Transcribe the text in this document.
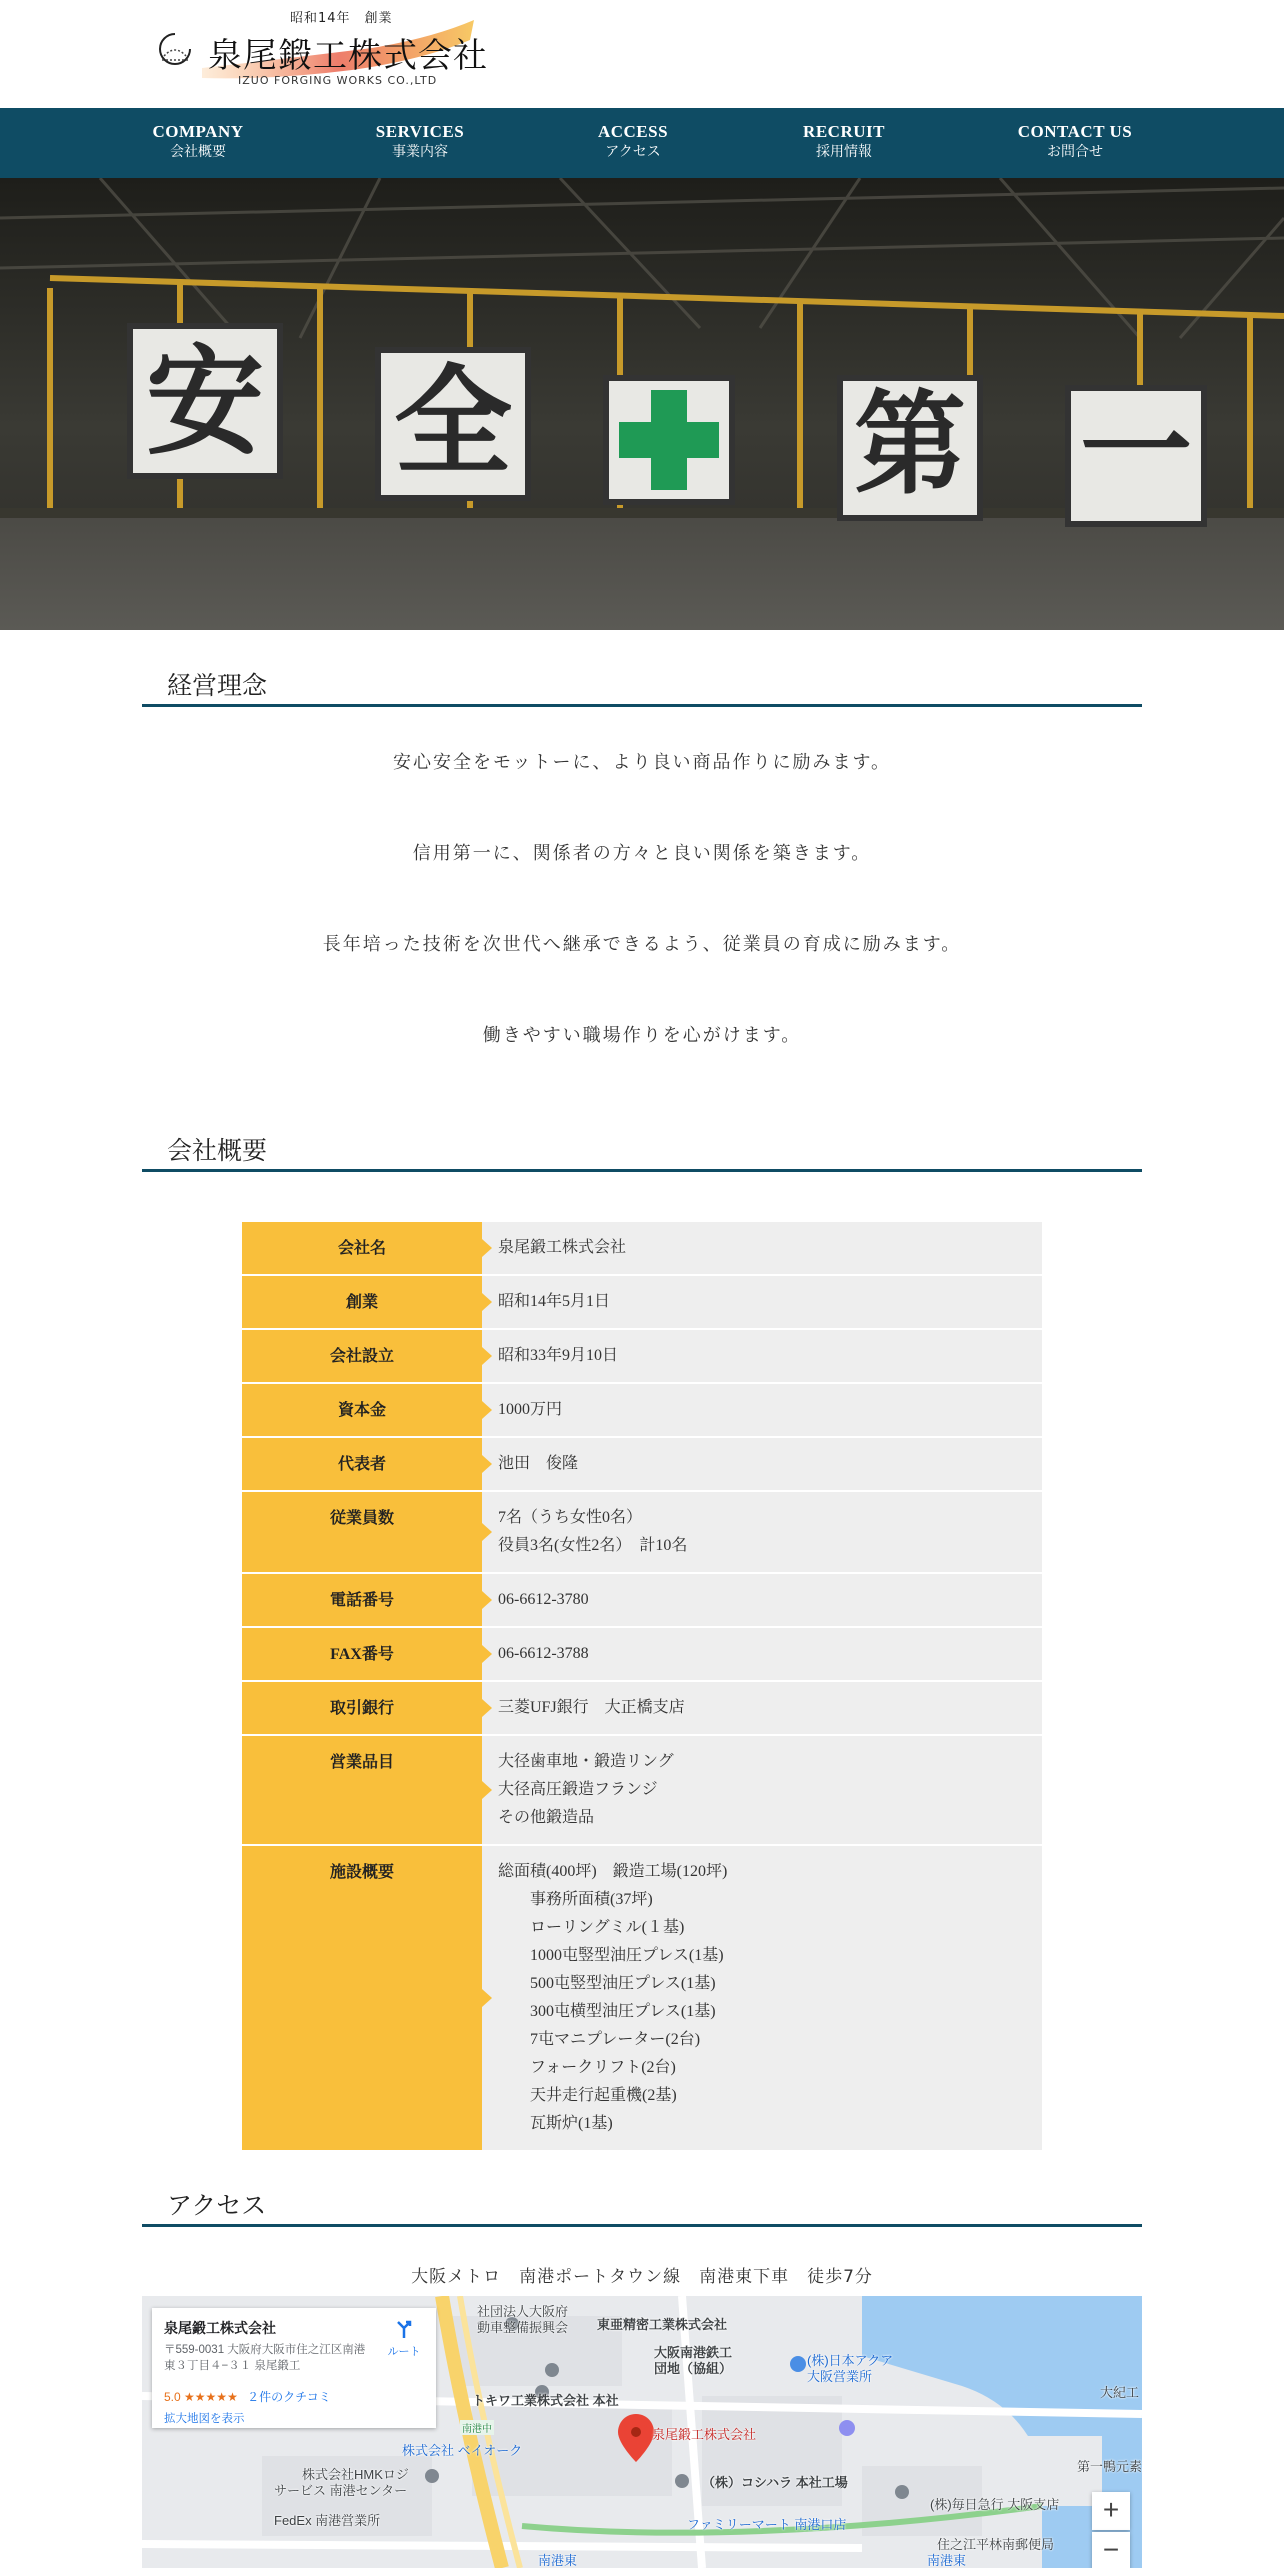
昭和14年　創業
泉尾鍛工株式会社
IZUO FORGING WORKS CO.,LTD
COMPANY
会社概要
SERVICES
事業内容
ACCESS
アクセス
RECRUIT
採用情報
CONTACT US
お問合せ
安 全	第 一
経営理念
安心安全をモットーに、より良い商品作りに励みます。
信用第一に、関係者の方々と良い関係を築きます。
長年培った技術を次世代へ継承できるよう、従業員の育成に励みます。
働きやすい職場作りを心がけます。
会社概要
会社名	泉尾鍛工株式会社
創業	昭和14年5月1日
会社設立	昭和33年9月10日
資本金	1000万円
代表者	池田　俊隆
従業員数	7名（うち女性0名）
役員3名(女性2名）　計10名
電話番号	06-6612-3780
FAX番号	06-6612-3788
取引銀行	三菱UFJ銀行　大正橋支店
営業品目	大径歯車地・鍛造リング
大径高圧鍛造フランジ
その他鍛造品
施設概要	総面積(400坪)　鍛造工場(120坪)
事務所面積(37坪)
ローリングミル(１基)
1000屯竪型油圧プレス(1基)
500屯竪型油圧プレス(1基)
300屯横型油圧プレス(1基)
7屯マニプレーター(2台)
フォークリフト(2台)
天井走行起重機(2基)
瓦斯炉(1基)
アクセス
大阪メトロ　南港ポートタウン線　南港東下車　徒歩7分
社団法人大阪府
動車整備振興会 東亜精密工業株式会社
大阪南港鉄工
団地（協組）
(株)日本アクア
大阪営業所
大紀工
トキワ工業株式会社 本社
泉尾鍛工株式会社
南港中
株式会社 ベイオーク
株式会社HMKロジ
サービス 南港センター
（株）コシハラ 本社工場
第一鴨元素
(株)毎日急行 大阪支店
FedEx 南港営業所	ファミリーマート 南港口店
住之江平林南郵便局
南港東	南港東
泉尾鍛工株式会社
〒559-0031 大阪府大阪市住之江区南港東３丁目４−３１ 泉尾鍛工
5.0 ★★★★★ ２件のクチコミ
拡大地図を表示
ルート
+
−
